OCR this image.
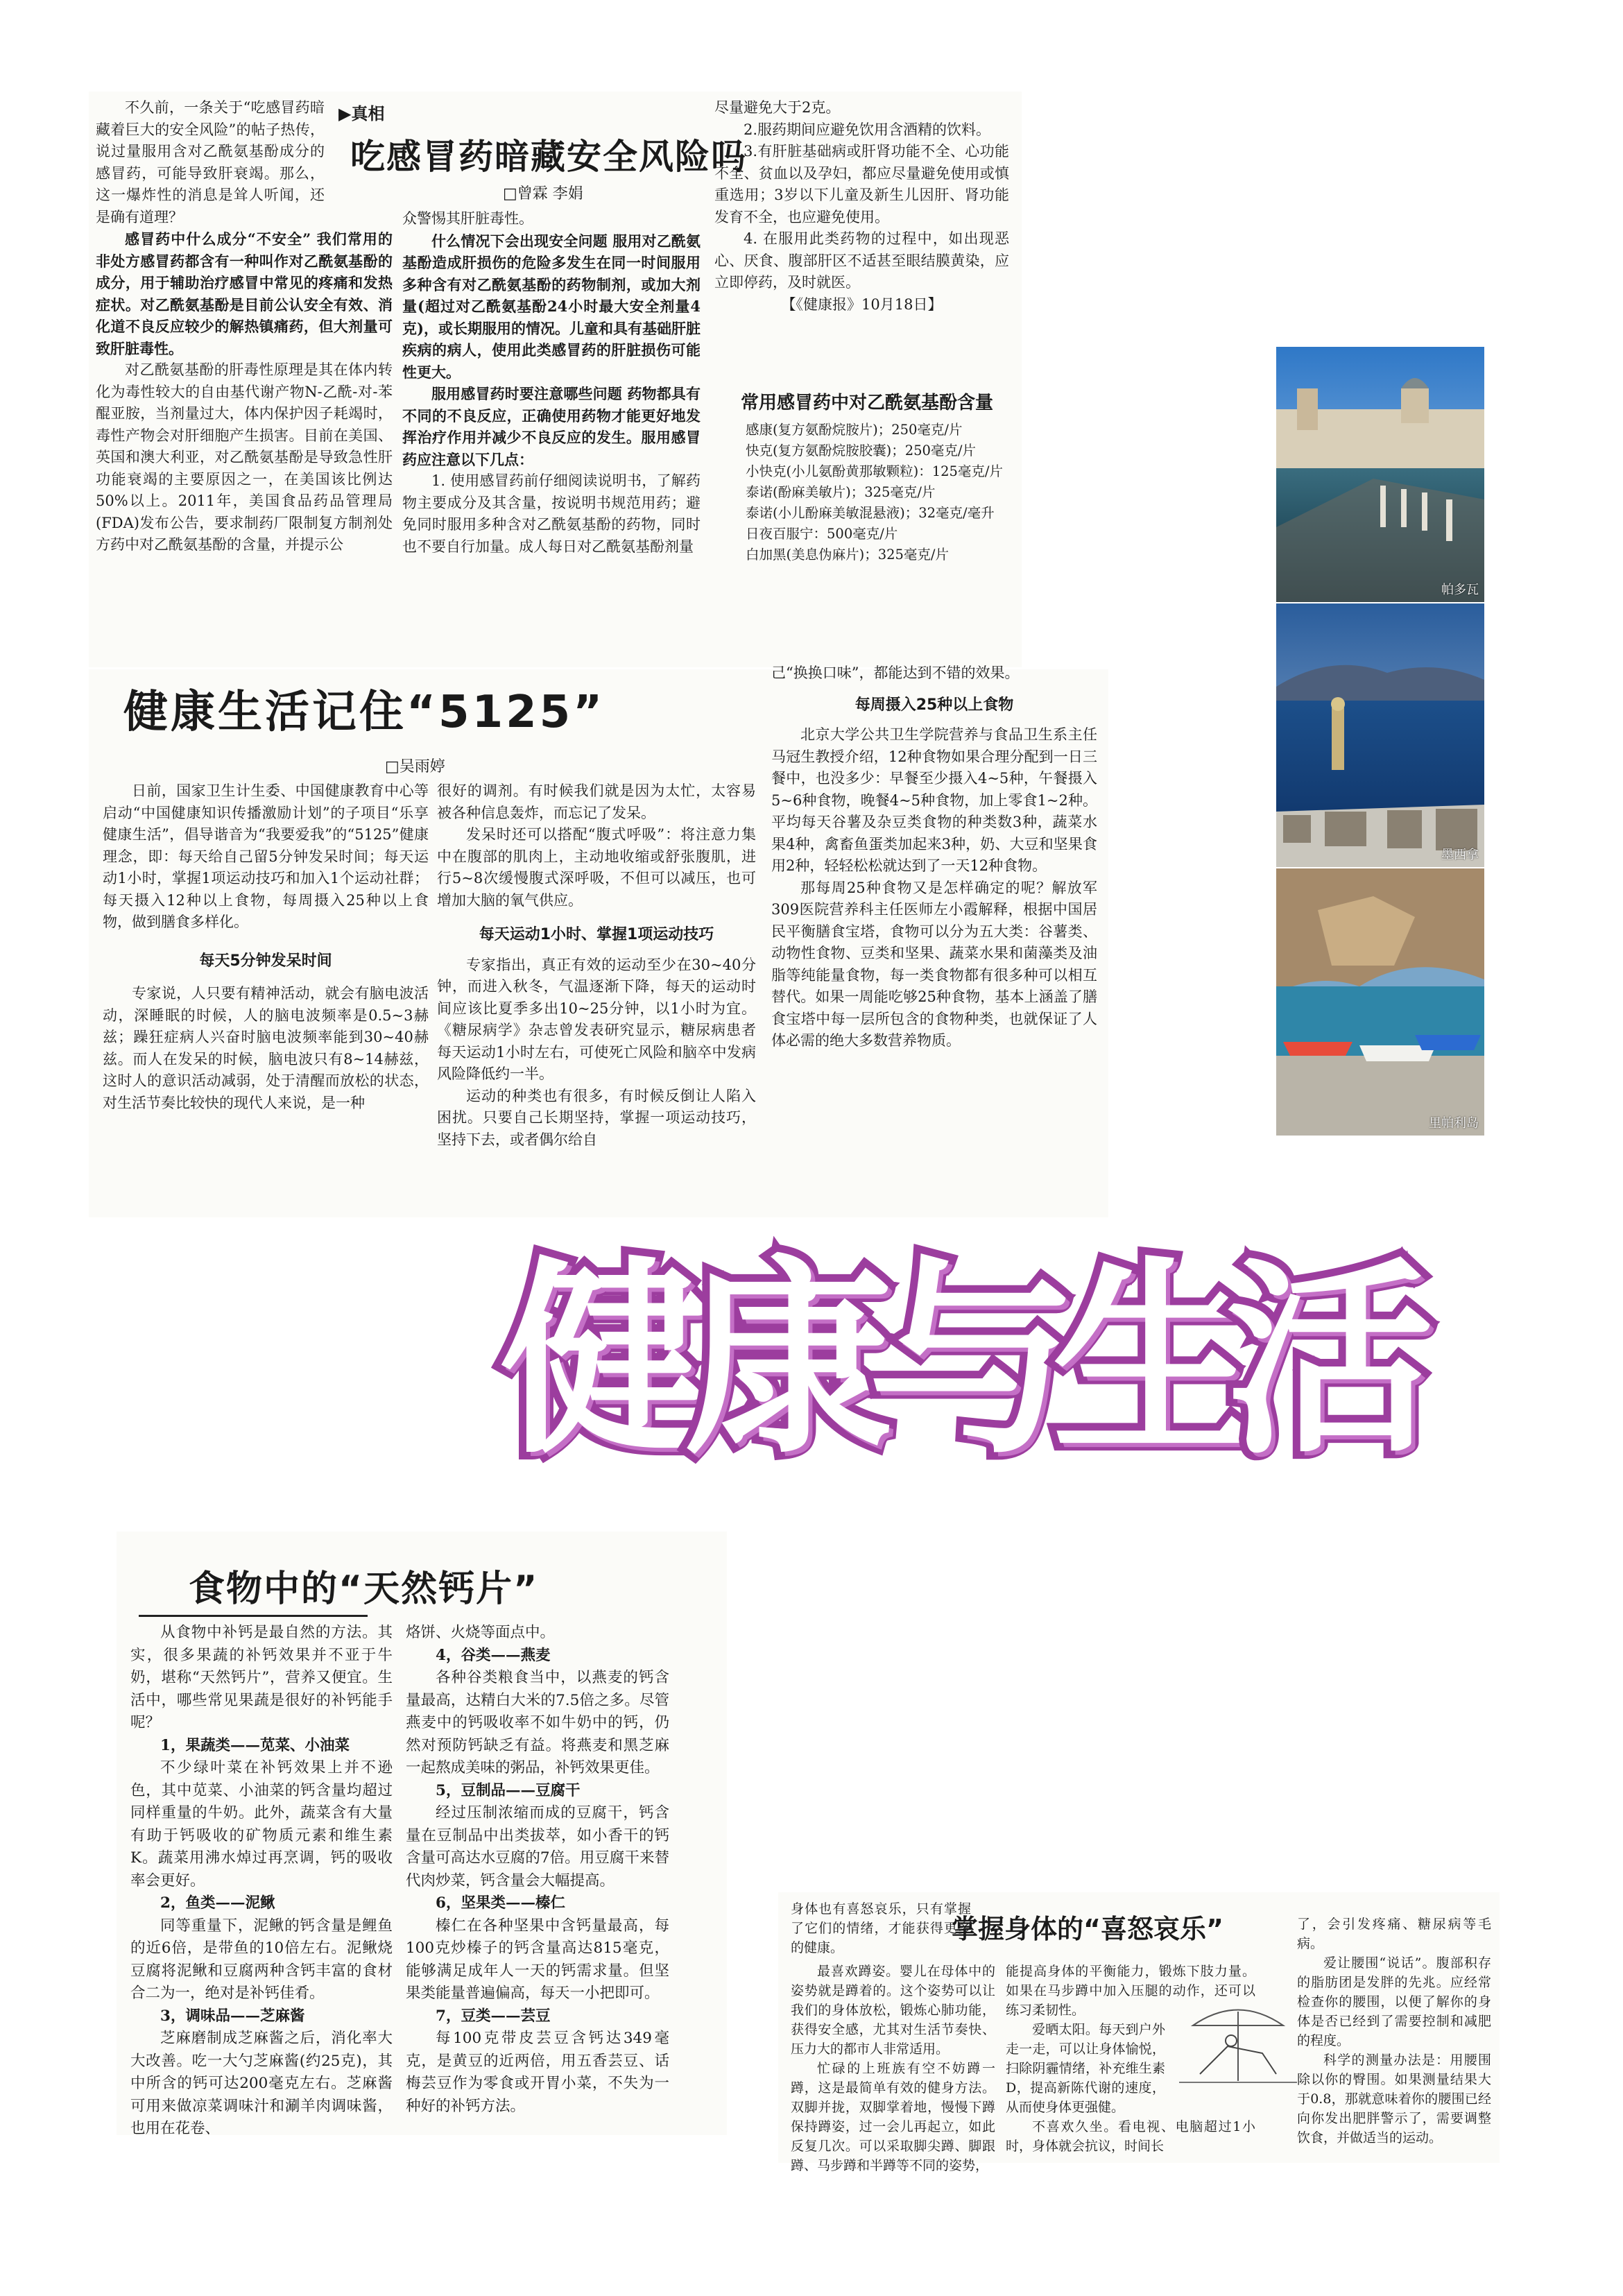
▶真相
吃感冒药暗藏安全风险吗
□曾霖 李娟

不久前，一条关于“吃感冒药暗藏着巨大的安全风险”的帖子热传，说过量服用含对乙酰氨基酚成分的感冒药，可能导致肝衰竭。那么，这一爆炸性的消息是耸人听闻，还是确有道理？

感冒药中什么成分“不安全” 我们常用的非处方感冒药都含有一种叫作对乙酰氨基酚的成分，用于辅助治疗感冒中常见的疼痛和发热症状。对乙酰氨基酚是目前公认安全有效、消化道不良反应较少的解热镇痛药，但大剂量可致肝脏毒性。

对乙酰氨基酚的肝毒性原理是其在体内转化为毒性较大的自由基代谢产物N-乙酰-对-苯醌亚胺，当剂量过大，体内保护因子耗竭时，毒性产物会对肝细胞产生损害。目前在美国、英国和澳大利亚，对乙酰氨基酚是导致急性肝功能衰竭的主要原因之一，在美国该比例达50%以上。2011年，美国食品药品管理局(FDA)发布公告，要求制药厂限制复方制剂处方药中对乙酰氨基酚的含量，并提示公

众警惕其肝脏毒性。

什么情况下会出现安全问题 服用对乙酰氨基酚造成肝损伤的危险多发生在同一时间服用多种含有对乙酰氨基酚的药物制剂，或加大剂量(超过对乙酰氨基酚24小时最大安全剂量4克)，或长期服用的情况。儿童和具有基础肝脏疾病的病人，使用此类感冒药的肝脏损伤可能性更大。

服用感冒药时要注意哪些问题 药物都具有不同的不良反应，正确使用药物才能更好地发挥治疗作用并减少不良反应的发生。服用感冒药应注意以下几点：

1. 使用感冒药前仔细阅读说明书，了解药物主要成分及其含量，按说明书规范用药；避免同时服用多种含对乙酰氨基酚的药物，同时也不要自行加量。成人每日对乙酰氨基酚剂量

尽量避免大于2克。

2.服药期间应避免饮用含酒精的饮料。

3.有肝脏基础病或肝肾功能不全、心功能不全、贫血以及孕妇，都应尽量避免使用或慎重选用；3岁以下儿童及新生儿因肝、肾功能发育不全，也应避免使用。

4. 在服用此类药物的过程中，如出现恶心、厌食、腹部肝区不适甚至眼结膜黄染，应立即停药，及时就医。

【《健康报》10月18日】

常用感冒药中对乙酰氨基酚含量

感康(复方氨酚烷胺片)；250毫克/片

快克(复方氨酚烷胺胶囊)；250毫克/片

小快克(小儿氨酚黄那敏颗粒)：125毫克/片

泰诺(酚麻美敏片)；325毫克/片

泰诺(小儿酚麻美敏混悬液)；32毫克/毫升

日夜百服宁：500毫克/片

白加黑(美息伪麻片)；325毫克/片

健康生活记住“5125”
□吴雨婷

日前，国家卫生计生委、中国健康教育中心等启动“中国健康知识传播激励计划”的子项目“乐享健康生活”，倡导谐音为“我要爱我”的“5125”健康理念，即：每天给自己留5分钟发呆时间；每天运动1小时，掌握1项运动技巧和加入1个运动社群；每天摄入12种以上食物，每周摄入25种以上食物，做到膳食多样化。

每天5分钟发呆时间

专家说，人只要有精神活动，就会有脑电波活动，深睡眠的时候，人的脑电波频率是0.5~3赫兹；躁狂症病人兴奋时脑电波频率能到30~40赫兹。而人在发呆的时候，脑电波只有8~14赫兹，这时人的意识活动减弱，处于清醒而放松的状态，对生活节奏比较快的现代人来说，是一种

很好的调剂。有时候我们就是因为太忙，太容易被各种信息轰炸，而忘记了发呆。

发呆时还可以搭配“腹式呼吸”：将注意力集中在腹部的肌肉上，主动地收缩或舒张腹肌，进行5~8次缓慢腹式深呼吸，不但可以减压，也可增加大脑的氧气供应。

每天运动1小时、掌握1项运动技巧

专家指出，真正有效的运动至少在30~40分钟，而进入秋冬，气温逐渐下降，每天的运动时间应该比夏季多出10~25分钟，以1小时为宜。《糖尿病学》杂志曾发表研究显示，糖尿病患者每天运动1小时左右，可使死亡风险和脑卒中发病风险降低约一半。

运动的种类也有很多，有时候反倒让人陷入困扰。只要自己长期坚持，掌握一项运动技巧，坚持下去，或者偶尔给自

己“换换口味”，都能达到不错的效果。

每周摄入25种以上食物

北京大学公共卫生学院营养与食品卫生系主任马冠生教授介绍，12种食物如果合理分配到一日三餐中，也没多少：早餐至少摄入4~5种，午餐摄入5~6种食物，晚餐4~5种食物，加上零食1~2种。平均每天谷薯及杂豆类食物的种类数3种，蔬菜水果4种，禽畜鱼蛋类加起来3种，奶、大豆和坚果食用2种，轻轻松松就达到了一天12种食物。

那每周25种食物又是怎样确定的呢？解放军309医院营养科主任医师左小霞解释，根据中国居民平衡膳食宝塔，食物可以分为五大类：谷薯类、动物性食物、豆类和坚果、蔬菜水果和菌藻类及油脂等纯能量食物，每一类食物都有很多种可以相互替代。如果一周能吃够25种食物，基本上涵盖了膳食宝塔中每一层所包含的食物种类，也就保证了人体必需的绝大多数营养物质。

帕多瓦
墨西拿
里帕利岛
健
康
与
生
活
食物中的“天然钙片”

从食物中补钙是最自然的方法。其实，很多果蔬的补钙效果并不亚于牛奶，堪称“天然钙片”，营养又便宜。生活中，哪些常见果蔬是很好的补钙能手呢？

1，果蔬类——苋菜、小油菜

不少绿叶菜在补钙效果上并不逊色，其中苋菜、小油菜的钙含量均超过同样重量的牛奶。此外，蔬菜含有大量有助于钙吸收的矿物质元素和维生素K。蔬菜用沸水焯过再烹调，钙的吸收率会更好。

2，鱼类——泥鳅

同等重量下，泥鳅的钙含量是鲤鱼的近6倍，是带鱼的10倍左右。泥鳅烧豆腐将泥鳅和豆腐两种含钙丰富的食材合二为一，绝对是补钙佳肴。

3，调味品——芝麻酱

芝麻磨制成芝麻酱之后，消化率大大改善。吃一大勺芝麻酱(约25克)，其中所含的钙可达200毫克左右。芝麻酱可用来做凉菜调味汁和涮羊肉调味酱，也用在花卷、

烙饼、火烧等面点中。

4，谷类——燕麦

各种谷类粮食当中，以燕麦的钙含量最高，达精白大米的7.5倍之多。尽管燕麦中的钙吸收率不如牛奶中的钙，仍然对预防钙缺乏有益。将燕麦和黑芝麻一起熬成美味的粥品，补钙效果更佳。

5，豆制品——豆腐干

经过压制浓缩而成的豆腐干，钙含量在豆制品中出类拔萃，如小香干的钙含量可高达水豆腐的7倍。用豆腐干来替代肉炒菜，钙含量会大幅提高。

6，坚果类——榛仁

榛仁在各种坚果中含钙量最高，每100克炒榛子的钙含量高达815毫克，能够满足成年人一天的钙需求量。但坚果类能量普遍偏高，每天一小把即可。

7，豆类——芸豆

每100克带皮芸豆含钙达349毫克，是黄豆的近两倍，用五香芸豆、话梅芸豆作为零食或开胃小菜，不失为一种好的补钙方法。

身体也有喜怒哀乐，只有掌握了它们的情绪，才能获得更多的健康。
掌握身体的“喜怒哀乐”

最喜欢蹲姿。婴儿在母体中的姿势就是蹲着的。这个姿势可以让我们的身体放松，锻炼心肺功能，获得安全感，尤其对生活节奏快、压力大的都市人非常适用。

忙碌的上班族有空不妨蹲一蹲，这是最简单有效的健身方法。双脚并拢，双脚掌着地，慢慢下蹲保持蹲姿，过一会儿再起立，如此反复几次。可以采取脚尖蹲、脚跟蹲、马步蹲和半蹲等不同的姿势，

能提高身体的平衡能力，锻炼下肢力量。如果在马步蹲中加入压腿的动作，还可以练习柔韧性。

爱晒太阳。每天到户外走一走，可以让身体愉悦，扫除阴霾情绪，补充维生素D，提高新陈代谢的速度，从而使身体更强健。

不喜欢久坐。看电视、电脑超过1小时，身体就会抗议，时间长

了，会引发疼痛、糖尿病等毛病。

爱让腰围“说话”。腹部积存的脂肪团是发胖的先兆。应经常检查你的腰围，以便了解你的身体是否已经到了需要控制和减肥的程度。

科学的测量办法是：用腰围除以你的臀围。如果测量结果大于0.8，那就意味着你的腰围已经向你发出肥胖警示了，需要调整饮食，并做适当的运动。
